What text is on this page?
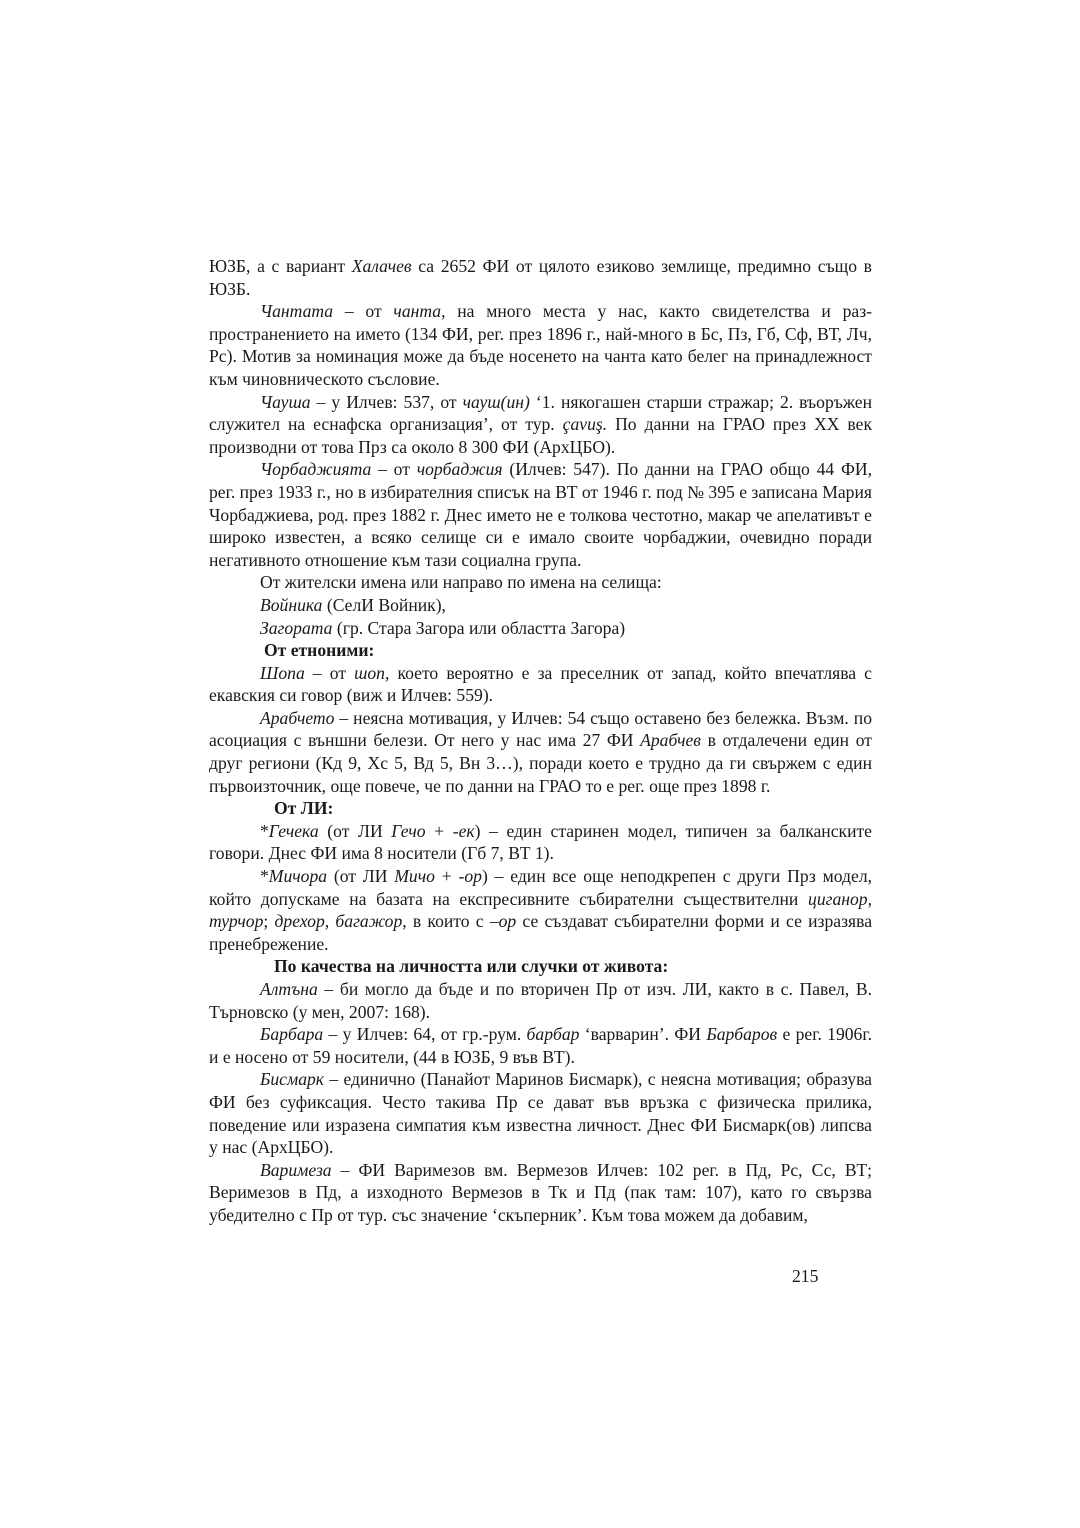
ЮЗБ, а с вариант Халачев са 2652 ФИ от цялото езиково землище, предимно също в ЮЗБ.

Чантата – от чанта, на много места у нас, както свидетелства и разпространението на името (134 ФИ, рег. през 1896 г., най-много в Бс, Пз, Гб, Сф, ВТ, Лч, Рс). Мотив за номинация може да бъде носенето на чанта като белег на принадлежност към чиновническото съсловие.

Чауша – у Илчев: 537, от чауш(ин) ‘1. някогашен старши стражар; 2. въоръжен служител на еснафска организация’, от тур. çavuş. По данни на ГРАО през XX век производни от това Прз са около 8 300 ФИ (АрхЦБО).

Чорбаджията – от чорбаджия (Илчев: 547). По данни на ГРАО общо 44 ФИ, рег. през 1933 г., но в избирателния списък на ВТ от 1946 г. под № 395 е записана Мария Чорбаджиева, род. през 1882 г. Днес името не е толкова честотно, макар че апелативът е широко известен, а всяко селище си е имало своите чорбаджии, очевидно поради негативното отношение към тази социална група.

От жителски имена или направо по имена на селища:

Войника (СелИ Войник),

Загората (гр. Стара Загора или областта Загора)

От етноними:

Шопа – от шоп, което вероятно е за преселник от запад, който впечатлява с екавския си говор (виж и Илчев: 559).

Арабчето – неясна мотивация, у Илчев: 54 също оставено без бележка. Възм. по асоциация с външни белези. От него у нас има 27 ФИ Арабчев в отдалечени един от друг региони (Кд 9, Хс 5, Вд 5, Вн 3…), поради което е трудно да ги свържем с един първоизточник, още повече, че по данни на ГРАО то е рег. още през 1898 г.

От ЛИ:

*Гечека (от ЛИ Гечо + -ек) – един старинен модел, типичен за балканските говори. Днес ФИ има 8 носители (Гб 7, ВТ 1).

*Мичора (от ЛИ Мичо + -ор) – един все още неподкрепен с други Прз модел, който допускаме на базата на експресивните събирателни съществителни циганор, турчор; дрехор, багажор, в които с –ор се създават събирателни форми и се изразява пренебрежение.

По качества на личността или случки от живота:

Алтъна – би могло да бъде и по вторичен Пр от изч. ЛИ, както в с. Павел, В. Търновско (у мен, 2007: 168).

Барбара – у Илчев: 64, от гр.-рум. барбар ‘варварин’. ФИ Барбаров е рег. 1906г. и е носено от 59 носители, (44 в ЮЗБ, 9 във ВТ).

Бисмарк – единично (Панайот Маринов Бисмарк), с неясна мотивация; образува ФИ без суфиксация. Често такива Пр се дават във връзка с физическа прилика, поведение или изразена симпатия към известна личност. Днес ФИ Бисмарк(ов) липсва у нас (АрхЦБО).

Варимеза – ФИ Варимезов вм. Вермезов Илчев: 102 рег. в Пд, Рс, Сс, ВТ; Веримезов в Пд, а изходното Вермезов в Тк и Пд (пак там: 107), като го свързва убедително с Пр от тур. със значение ‘скъперник’. Към това можем да добавим,

215
